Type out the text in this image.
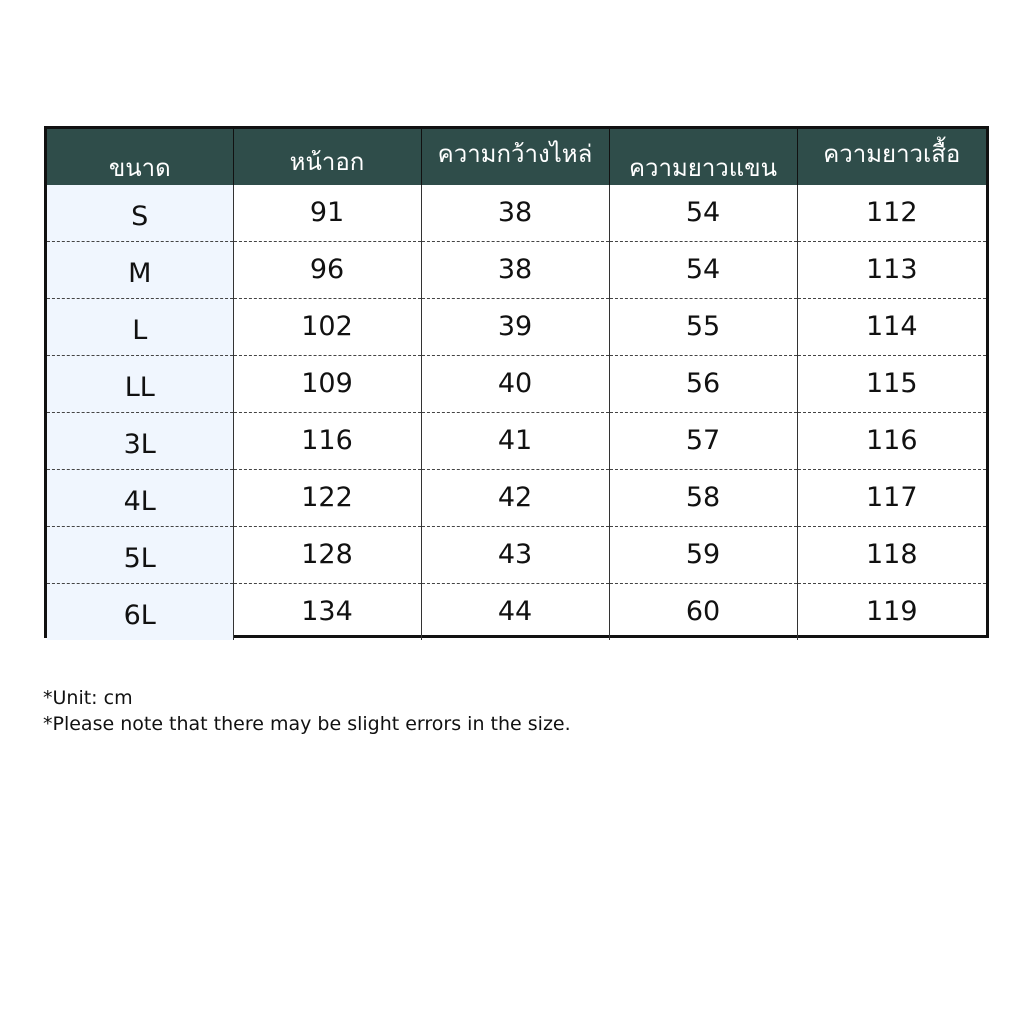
ขนาด	หน้าอก	ความกว้างไหล่	ความยาวแขน	ความยาวเสื้อ

S	91	38	54	112
M	96	38	54	113
L	102	39	55	114
LL	109	40	56	115
3L	116	41	57	116
4L	122	42	58	117
5L	128	43	59	118
6L	134	44	60	119
*Unit: cm
*Please note that there may be slight errors in the size.
